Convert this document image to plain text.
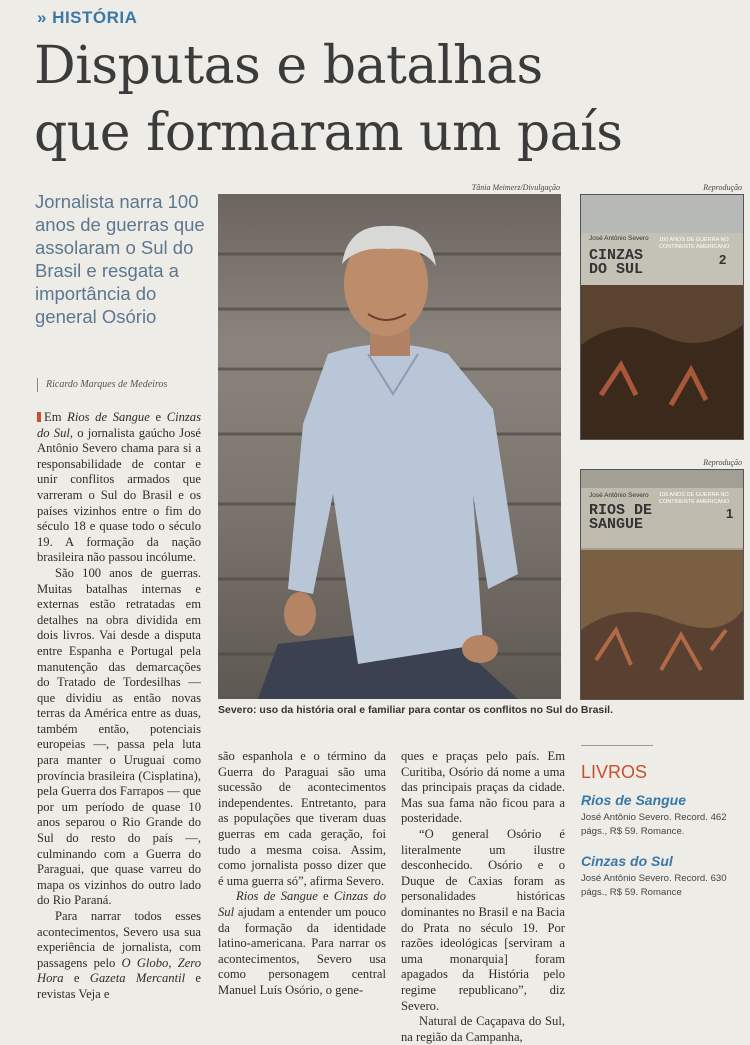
» HISTÓRIA
Disputas e batalhas
que formaram um país
Jornalista narra 100 anos de guerras que assolaram o Sul do Brasil e resgata a importância do general Osório
Ricardo Marques de Medeiros

Em Rios de Sangue e Cinzas do Sul, o jornalista gaúcho José Antônio Severo chama para si a responsabilidade de contar e unir conflitos armados que varreram o Sul do Brasil e os países vizinhos entre o fim do século 18 e quase todo o século 19. A formação da nação brasileira não passou incólume.

São 100 anos de guerras. Muitas batalhas internas e externas estão retratadas em detalhes na obra dividida em dois livros. Vai desde a disputa entre Espanha e Portugal pela manutenção das demarcações do Tratado de Tordesilhas — que dividiu as então novas terras da América entre as duas, também então, potenciais europeias —, passa pela luta para manter o Uruguai como província brasileira (Cisplatina), pela Guerra dos Farrapos — que por um período de quase 10 anos separou o Rio Grande do Sul do resto do país —, culminando com a Guerra do Paraguai, que quase varreu do mapa os vizinhos do outro lado do Rio Paraná.

Para narrar todos esses acontecimentos, Severo usa sua experiência de jornalista, com passagens pelo O Globo, Zero Hora e Gazeta Mercantil e revistas Veja e

Tânia Meimerz/Divulgação
Severo: uso da história oral e familiar para contar os conflitos no Sul do Brasil.
Reprodução
José Antônio Severo 100 ANOS DE GUERRA NO CONTINENTE AMERICANO
CINZAS
DO SUL
2
Reprodução
José Antônio Severo 100 ANOS DE GUERRA NO CONTINENTE AMERICANO
RIOS DE
SANGUE
1

são espanhola e o término da Guerra do Paraguai são uma sucessão de acontecimentos independentes. Entretanto, para as populações que tiveram duas guerras em cada geração, foi tudo a mesma coisa. Assim, como jornalista posso dizer que é uma guerra só”, afirma Severo.

Rios de Sangue e Cinzas do Sul ajudam a entender um pouco da formação da identidade latino-americana. Para narrar os acontecimentos, Severo usa como personagem central Manuel Luís Osório, o gene-

ques e praças pelo país. Em Curitiba, Osório dá nome a uma das principais praças da cidade. Mas sua fama não ficou para a posteridade.

“O general Osório é literalmente um ilustre desconhecido. Osório e o Duque de Caxias foram as personalidades históricas dominantes no Brasil e na Bacia do Prata no século 19. Por razões ideológicas [serviram a uma monarquia] foram apagados da História pelo regime republicano”, diz Severo.

Natural de Caçapava do Sul, na região da Campanha,

LIVROS
Rios de Sangue
José Antônio Severo. Record. 462 págs., R$ 59. Romance.
Cinzas do Sul
José Antônio Severo. Record. 630 págs., R$ 59. Romance
